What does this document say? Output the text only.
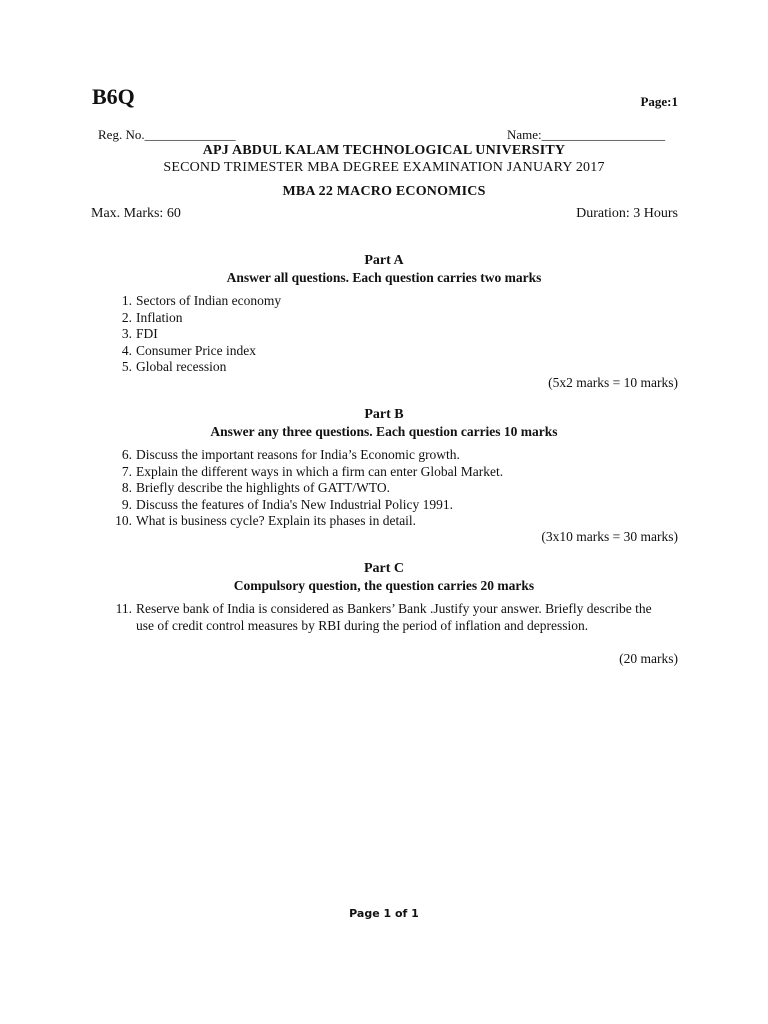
B6Q	Page:1
Reg. No.______________	Name:___________________
APJ ABDUL KALAM TECHNOLOGICAL UNIVERSITY
SECOND TRIMESTER MBA DEGREE EXAMINATION JANUARY 2017
MBA 22 MACRO ECONOMICS
Max. Marks: 60	Duration: 3 Hours
Part A
Answer all questions. Each question carries two marks
1. Sectors of Indian economy
2. Inflation
3. FDI
4. Consumer Price index
5. Global recession
(5x2 marks = 10 marks)
Part B
Answer any three questions. Each question carries 10 marks
6. Discuss the important reasons for India’s Economic growth.
7. Explain the different ways in which a firm can enter Global Market.
8. Briefly describe the highlights of GATT/WTO.
9. Discuss the features of India's New Industrial Policy 1991.
10. What is business cycle? Explain its phases in detail.
(3x10 marks = 30 marks)
Part C
Compulsory question, the question carries 20 marks
11. Reserve bank of India is considered as Bankers’ Bank .Justify your answer. Briefly describe the use of credit control measures by RBI during the period of inflation and depression.
(20 marks)
Page 1 of 1
